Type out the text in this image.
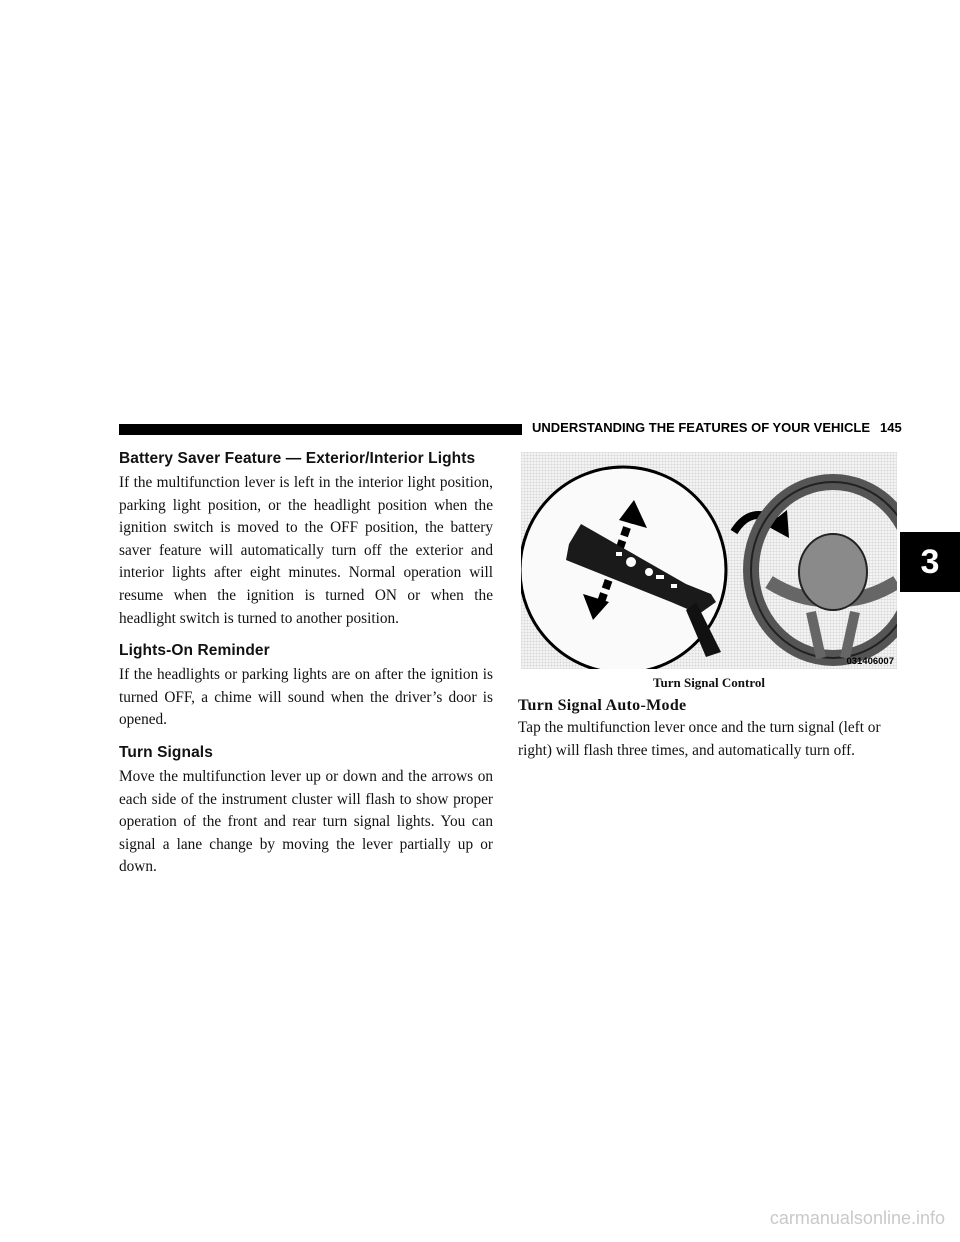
UNDERSTANDING THE FEATURES OF YOUR VEHICLE 145
3
Battery Saver Feature — Exterior/Interior Lights

If the multifunction lever is left in the interior light position, parking light position, or the headlight position when the ignition switch is moved to the OFF position, the battery saver feature will automatically turn off the exterior and interior lights after eight minutes. Normal operation will resume when the ignition is turned ON or when the headlight switch is turned to another position.

Lights-On Reminder

If the headlights or parking lights are on after the ignition is turned OFF, a chime will sound when the driver’s door is opened.

Turn Signals

Move the multifunction lever up or down and the arrows on each side of the instrument cluster will flash to show proper operation of the front and rear turn signal lights. You can signal a lane change by moving the lever partially up or down.

031406007
Turn Signal Control
Turn Signal Auto-Mode

Tap the multifunction lever once and the turn signal (left or right) will flash three times, and automatically turn off.

carmanualsonline.info
